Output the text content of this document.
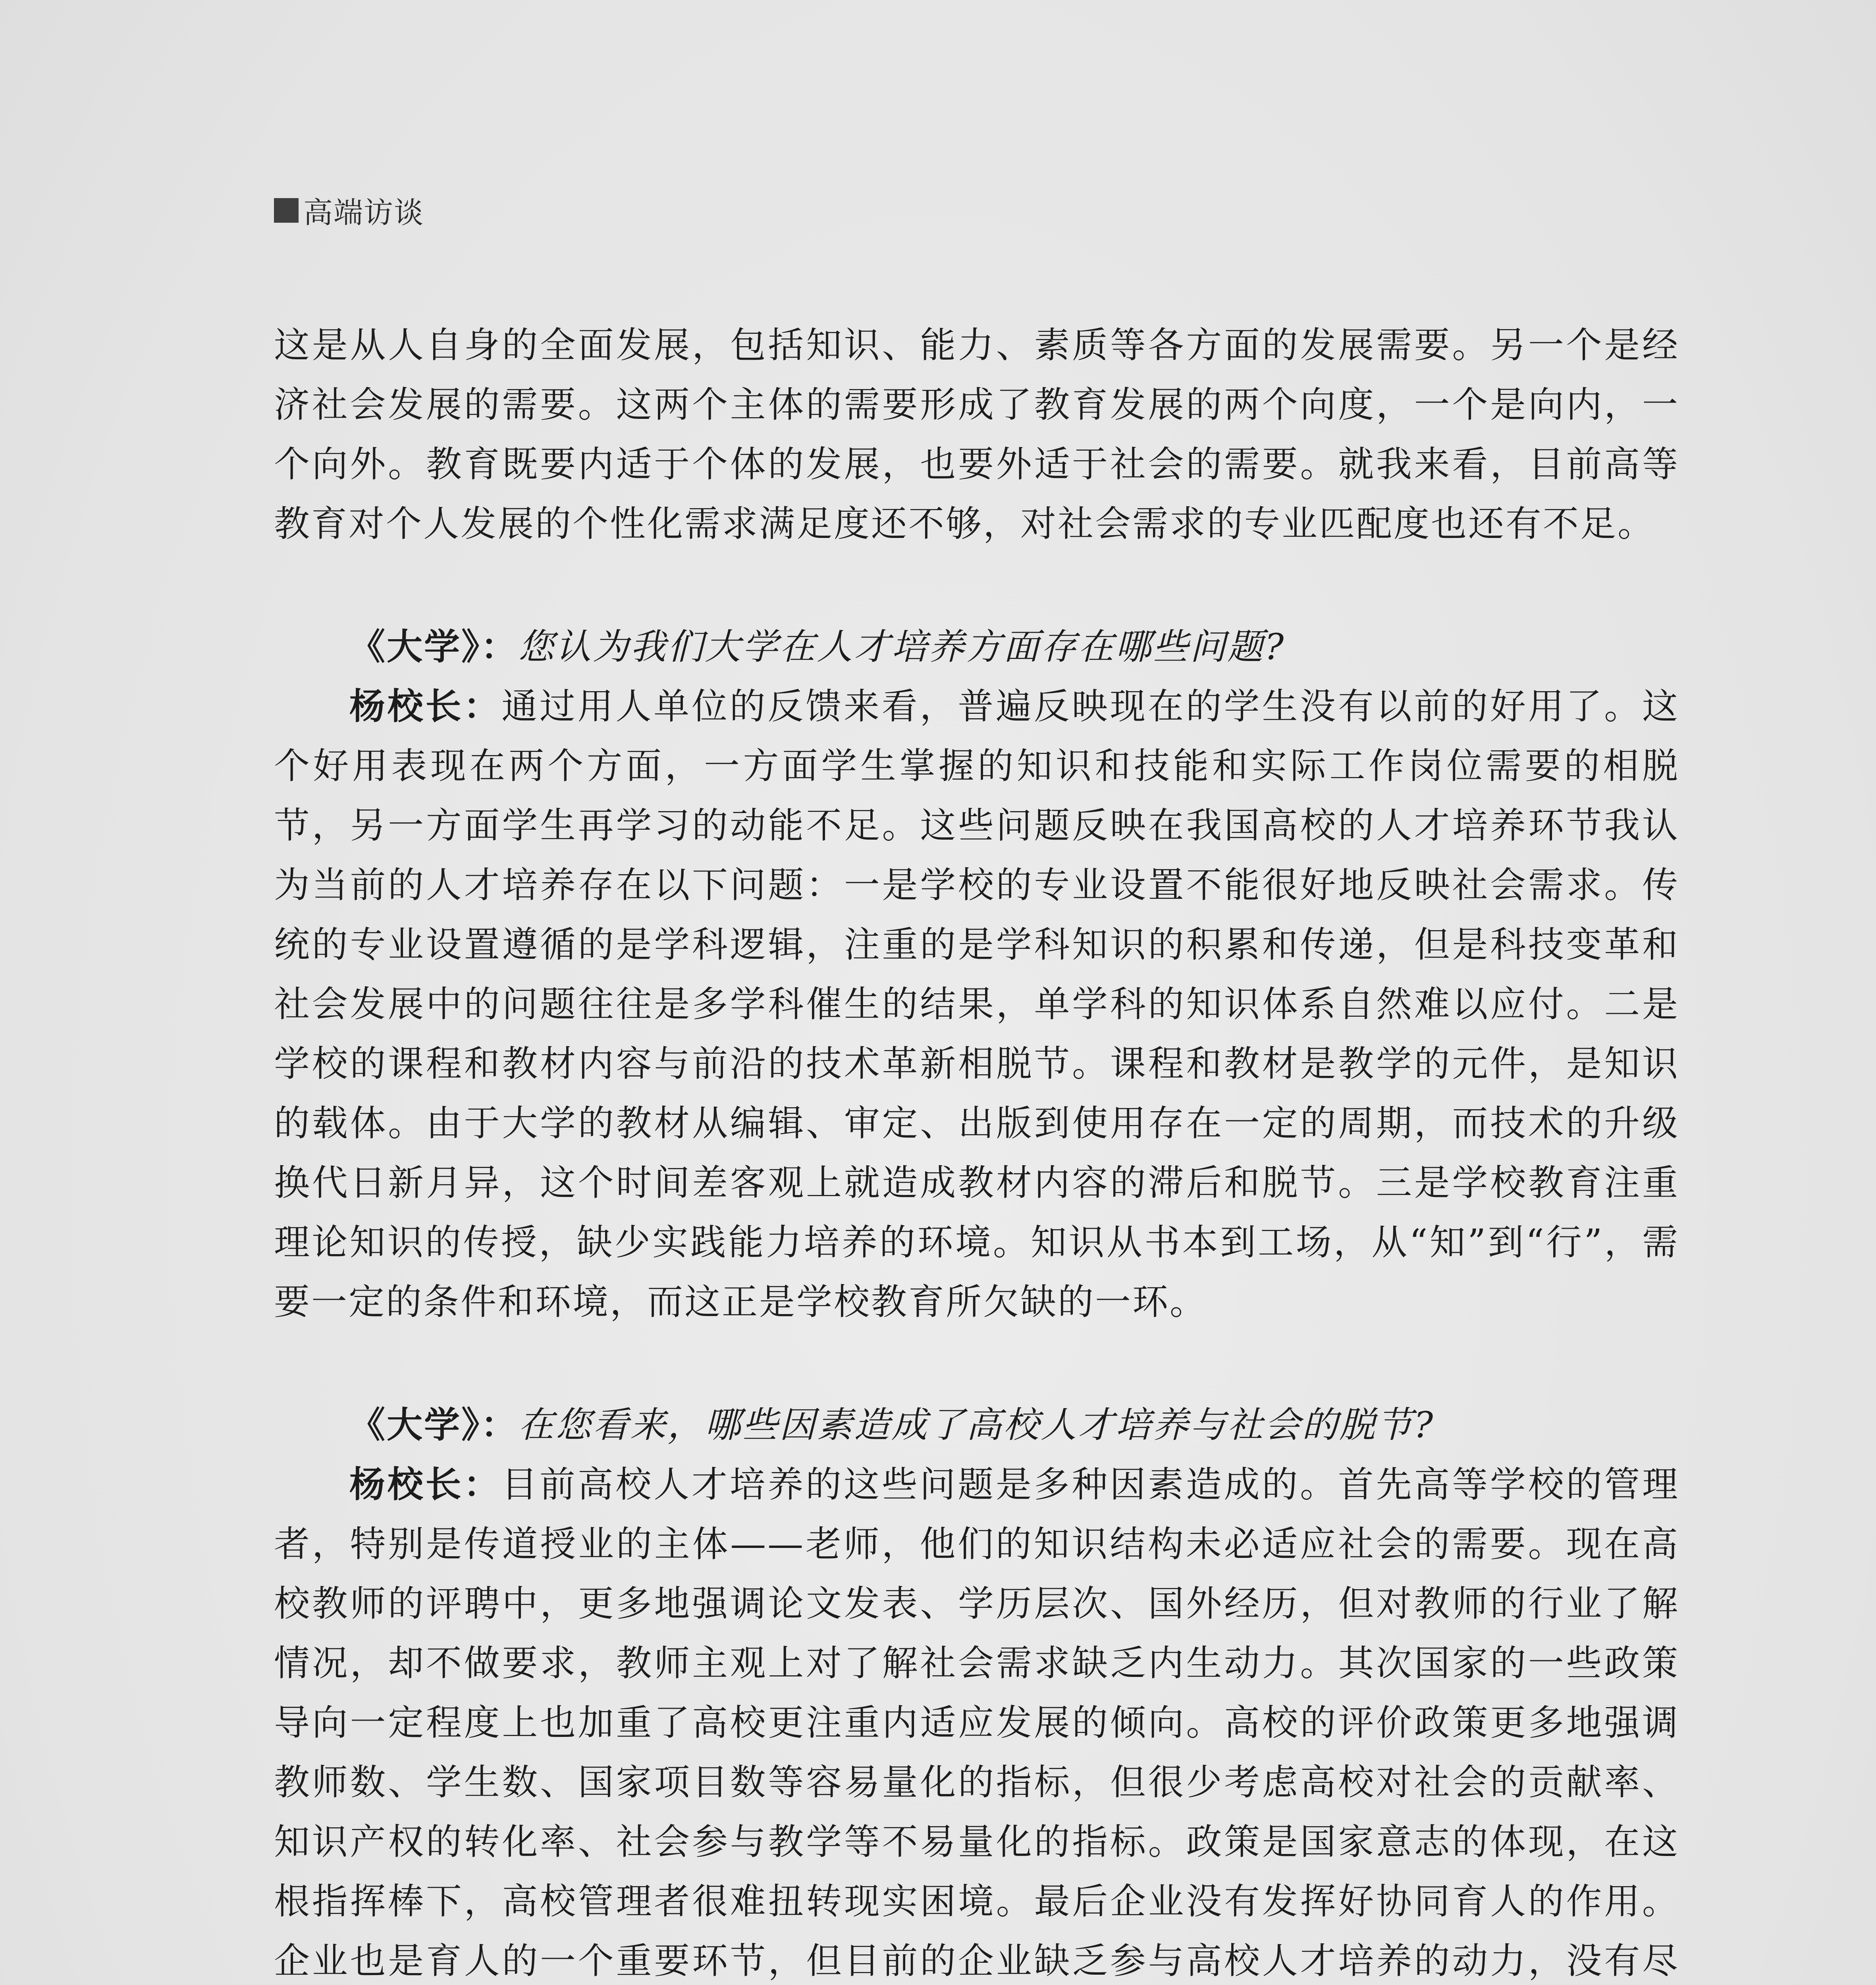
高端访谈

这是从人自身的全面发展，包括知识、能力、素质等各方面的发展需要。另一个是经济社会发展的需要。这两个主体的需要形成了教育发展的两个向度，一个是向内，一个向外。教育既要内适于个体的发展，也要外适于社会的需要。就我来看，目前高等教育对个人发展的个性化需求满足度还不够，对社会需求的专业匹配度也还有不足。

《大学》：您认为我们大学在人才培养方面存在哪些问题?

杨校长：通过用人单位的反馈来看，普遍反映现在的学生没有以前的好用了。这个好用表现在两个方面，一方面学生掌握的知识和技能和实际工作岗位需要的相脱节，另一方面学生再学习的动能不足。这些问题反映在我国高校的人才培养环节我认为当前的人才培养存在以下问题：一是学校的专业设置不能很好地反映社会需求。传统的专业设置遵循的是学科逻辑，注重的是学科知识的积累和传递，但是科技变革和社会发展中的问题往往是多学科催生的结果，单学科的知识体系自然难以应付。二是学校的课程和教材内容与前沿的技术革新相脱节。课程和教材是教学的元件，是知识的载体。由于大学的教材从编辑、审定、出版到使用存在一定的周期，而技术的升级换代日新月异，这个时间差客观上就造成教材内容的滞后和脱节。三是学校教育注重理论知识的传授，缺少实践能力培养的环境。知识从书本到工场，从“知”到“行”，需要一定的条件和环境，而这正是学校教育所欠缺的一环。

《大学》：在您看来，哪些因素造成了高校人才培养与社会的脱节?

杨校长：目前高校人才培养的这些问题是多种因素造成的。首先高等学校的管理者，特别是传道授业的主体——老师，他们的知识结构未必适应社会的需要。现在高校教师的评聘中，更多地强调论文发表、学历层次、国外经历，但对教师的行业了解情况，却不做要求，教师主观上对了解社会需求缺乏内生动力。其次国家的一些政策导向一定程度上也加重了高校更注重内适应发展的倾向。高校的评价政策更多地强调教师数、学生数、国家项目数等容易量化的指标，但很少考虑高校对社会的贡献率、知识产权的转化率、社会参与教学等不易量化的指标。政策是国家意志的体现，在这根指挥棒下，高校管理者很难扭转现实困境。最后企业没有发挥好协同育人的作用。企业也是育人的一个重要环节，但目前的企业缺乏参与高校人才培养的动力，没有尽
